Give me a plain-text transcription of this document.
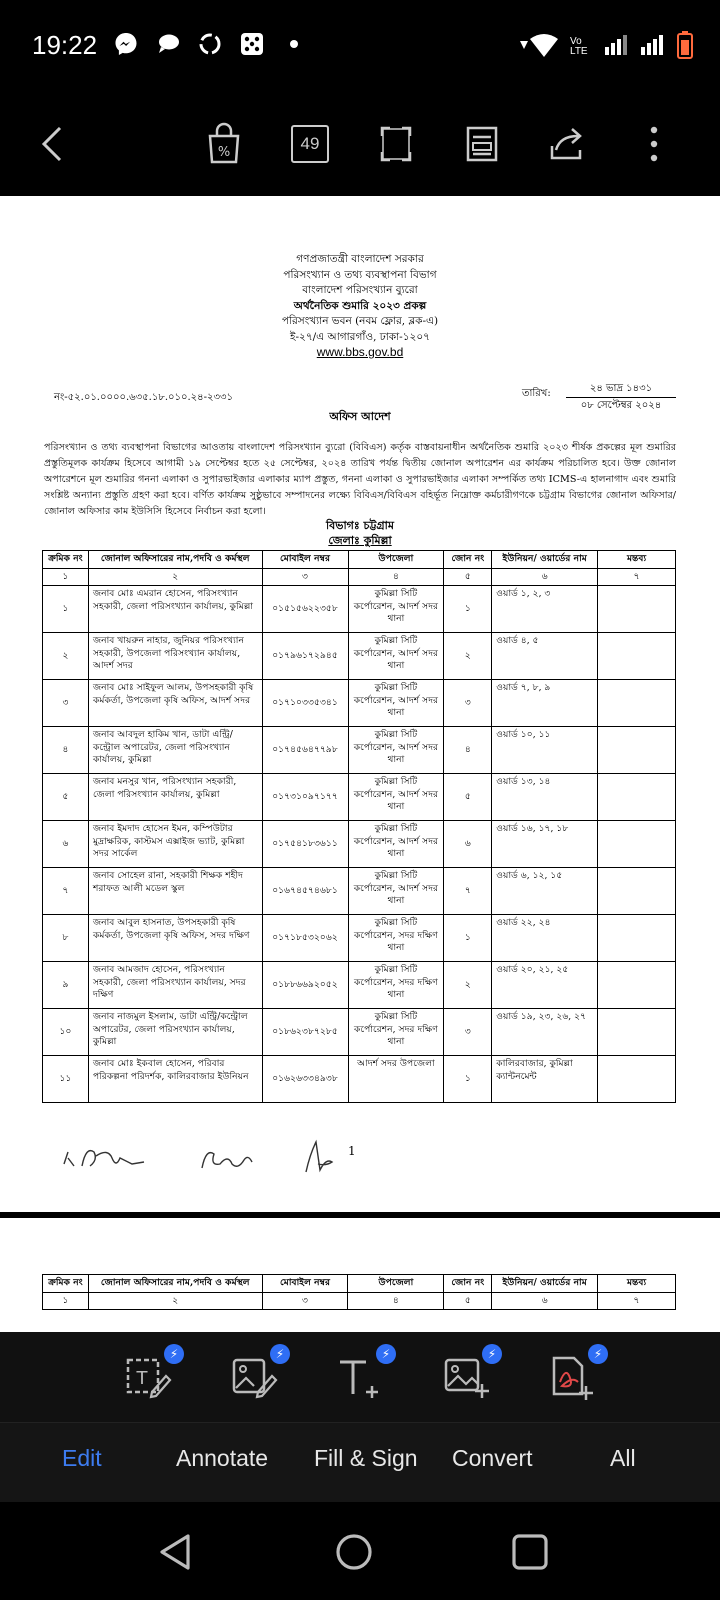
19:22	Vo
LTE
%	49
গণপ্রজাতন্ত্রী বাংলাদেশ সরকার
পরিসংখ্যান ও তথ্য ব্যবস্থাপনা বিভাগ
বাংলাদেশ পরিসংখ্যান ব্যুরো
অর্থনৈতিক শুমারি ২০২৩ প্রকল্প
পরিসংখ্যান ভবন (নবম ফ্লোর, ব্লক-এ)
ই-২৭/এ আগারগাঁও, ঢাকা-১২০৭
www.bbs.gov.bd
নং-৫২.০১.০০০০.৬৩৫.১৮.০১০.২৪-২৩৩১	তারিখ:	২৪ ভাদ্র ১৪৩১
০৮ সেপ্টেম্বর ২০২৪
অফিস আদেশ
পরিসংখ্যান ও তথ্য ব্যবস্থাপনা বিভাগের আওতায় বাংলাদেশ পরিসংখ্যান ব্যুরো (বিবিএস) কর্তৃক বাস্তবায়নাধীন অর্থনৈতিক শুমারি ২০২৩ শীর্ষক প্রকল্পের মূল শুমারির প্রস্তুতিমূলক কার্যক্রম হিসেবে আগামী ১৯ সেপ্টেম্বর হতে ২৫ সেপ্টেম্বর, ২০২৪ তারিখ পর্যন্ত দ্বিতীয় জোনাল অপারেশন এর কার্যক্রম পরিচালিত হবে। উক্ত জোনাল অপারেশনে মূল শুমারির গননা এলাকা ও সুপারভাইজার এলাকার ম্যাপ প্রস্তুত, গননা এলাকা ও সুপারভাইজার এলাকা সম্পর্কিত তথ্য ICMS-এ হালনাগাদ এবং শুমারি সংশ্লিষ্ট অন্যান্য প্রস্তুতি গ্রহণ করা হবে। বর্ণিত কার্যক্রম সুষ্ঠুভাবে সম্পাদনের লক্ষ্যে বিবিএস/বিবিএস বহির্ভূত নিম্নোক্ত কর্মচারীগণকে চট্টগ্রাম বিভাগের জোনাল অফিসার/জোনাল অফিসার কাম ইউসিসি হিসেবে নির্বাচন করা হলো।
বিভাগঃ চট্টগ্রাম
জেলাঃ কুমিল্লা
ক্রমিক নং	জোনাল অফিসারের নাম,পদবি ও কর্মস্থল	মোবাইল নম্বর	উপজেলা	জোন নং	ইউনিয়ন/ ওয়ার্ডের নাম	মন্তব্য
১	২	৩	৪	৫	৬	৭
১	জনাব মোঃ এমরান হোসেন, পরিসংখ্যান সহকারী, জেলা পরিসংখ্যান কার্যালয়, কুমিল্লা	০১৫১৫৬২২৩৫৮	কুমিল্লা সিটি কর্পোরেশন, আদর্শ সদর থানা	১	ওয়ার্ড ১, ২, ৩	
২	জনাব খায়রুন নাহার, জুনিয়র পরিসংখ্যান সহকারী, উপজেলা পরিসংখ্যান কার্যালয়, আদর্শ সদর	০১৭৯৬১৭২৯৪৫	কুমিল্লা সিটি কর্পোরেশন, আদর্শ সদর থানা	২	ওয়ার্ড ৪, ৫	
৩	জনাব মোঃ সাইফুল আলম, উপসহকারী কৃষি কর্মকর্তা, উপজেলা কৃষি অফিস, আদর্শ সদর	০১৭১০৩৩৫৩৪১	কুমিল্লা সিটি কর্পোরেশন, আদর্শ সদর থানা	৩	ওয়ার্ড ৭, ৮, ৯	
৪	জনাব আবদুল হাকিম খান, ডাটা এন্ট্রি/কন্ট্রোল অপারেটর, জেলা পরিসংখ্যান কার্যালয়, কুমিল্লা	০১৭৪৫৬৪৭৭৯৮	কুমিল্লা সিটি কর্পোরেশন, আদর্শ সদর থানা	৪	ওয়ার্ড ১০, ১১	
৫	জনাব মনসুর খান, পরিসংখ্যান সহকারী, জেলা পরিসংখ্যান কার্যালয়, কুমিল্লা	০১৭৩১০৯৭১৭৭	কুমিল্লা সিটি কর্পোরেশন, আদর্শ সদর থানা	৫	ওয়ার্ড ১৩, ১৪	
৬	জনাব ইমদাদ হোসেন ইমন, কম্পিউটার মুদ্রাক্ষরিক, কাস্টমস এক্সাইজ ভ্যাট, কুমিল্লা সদর সার্কেল	০১৭৫৪১৮৩৬১১	কুমিল্লা সিটি কর্পোরেশন, আদর্শ সদর থানা	৬	ওয়ার্ড ১৬, ১৭, ১৮	
৭	জনাব সোহেল রানা, সহকারী শিক্ষক শহীদ শরাফত আলী মডেল স্কুল	০১৬৭৪৫৭৪৬৮১	কুমিল্লা সিটি কর্পোরেশন, আদর্শ সদর থানা	৭	ওয়ার্ড ৬, ১২, ১৫	
৮	জনাব আবুল হাসনাত, উপসহকারী কৃষি কর্মকর্তা, উপজেলা কৃষি অফিস, সদর দক্ষিণ	০১৭১৮৫৩২০৬২	কুমিল্লা সিটি কর্পোরেশন, সদর দক্ষিণ থানা	১	ওয়ার্ড ২২, ২৪	
৯	জনাব আমজাদ হোসেন, পরিসংখ্যান সহকারী, জেলা পরিসংখ্যান কার্যালয়, সদর দক্ষিণ	০১৮৮৬৬৯২০৫২	কুমিল্লা সিটি কর্পোরেশন, সদর দক্ষিণ থানা	২	ওয়ার্ড ২০, ২১, ২৫	
১০	জনাব নাজমুল ইসলাম, ডাটা এন্ট্রি/কন্ট্রোল অপারেটর, জেলা পরিসংখ্যান কার্যালয়, কুমিল্লা	০১৮৬২৩৮৭২৮৫	কুমিল্লা সিটি কর্পোরেশন, সদর দক্ষিণ থানা	৩	ওয়ার্ড ১৯, ২৩, ২৬, ২৭	
১১	জনাব মোঃ ইকবাল হোসেন, পরিবার পরিকল্পনা পরিদর্শক, কালিরবাজার ইউনিয়ন	০১৬২৬৩৩৪৯৩৮	আদর্শ সদর উপজেলা	১	কালিরবাজার, কুমিল্লা ক্যান্টনমেন্ট	
1
ক্রমিক নং	জোনাল অফিসারের নাম,পদবি ও কর্মস্থল	মোবাইল নম্বর	উপজেলা	জোন নং	ইউনিয়ন/ ওয়ার্ডের নাম	মন্তব্য
১	২	৩	৪	৫	৬	৭
T
⚡	⚡	⚡	⚡	⚡
Edit	Annotate Fill & Sign Convert	All
